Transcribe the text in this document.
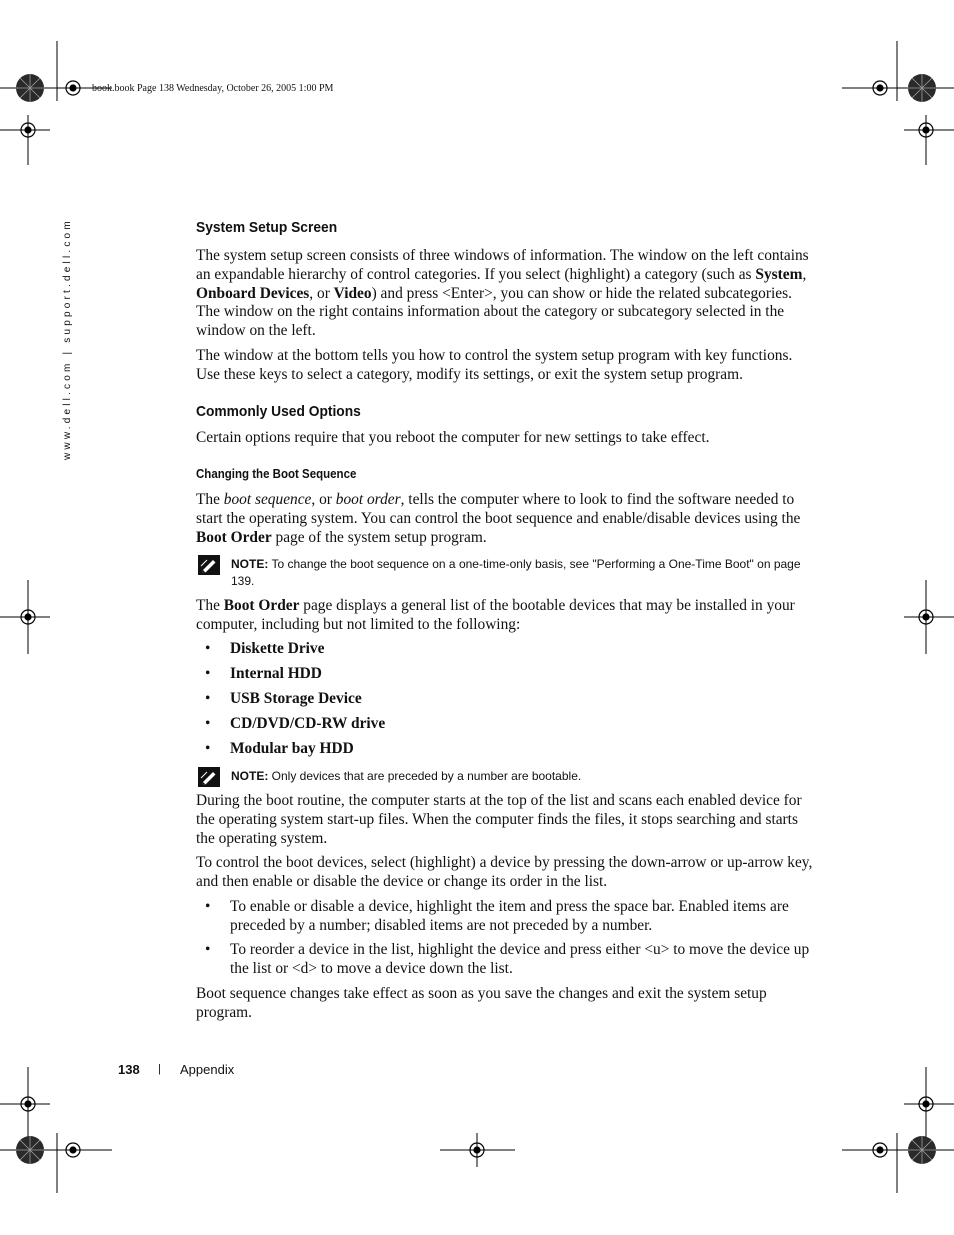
book.book Page 138 Wednesday, October 26, 2005 1:00 PM
www.dell.com | support.dell.com	System Setup Screen

The system setup screen consists of three windows of information. The window on the left contains an expandable hierarchy of control categories. If you select (highlight) a category (such as System, Onboard Devices, or Video) and press <Enter>, you can show or hide the related subcategories. The window on the right contains information about the category or subcategory selected in the window on the left.

The window at the bottom tells you how to control the system setup program with key functions. Use these keys to select a category, modify its settings, or exit the system setup program.

Commonly Used Options

Certain options require that you reboot the computer for new settings to take effect.

Changing the Boot Sequence

The boot sequence, or boot order, tells the computer where to look to find the software needed to start the operating system. You can control the boot sequence and enable/disable devices using the Boot Order page of the system setup program.

NOTE: To change the boot sequence on a one-time-only basis, see "Performing a One-Time Boot" on page 139.

The Boot Order page displays a general list of the bootable devices that may be installed in your computer, including but not limited to the following:

• Diskette Drive
• Internal HDD
• USB Storage Device
• CD/DVD/CD-RW drive
• Modular bay HDD
NOTE: Only devices that are preceded by a number are bootable.

During the boot routine, the computer starts at the top of the list and scans each enabled device for the operating system start-up files. When the computer finds the files, it stops searching and starts the operating system.

To control the boot devices, select (highlight) a device by pressing the down-arrow or up-arrow key, and then enable or disable the device or change its order in the list.

• To enable or disable a device, highlight the item and press the space bar. Enabled items are preceded by a number; disabled items are not preceded by a number.
• To reorder a device in the list, highlight the device and press either <u> to move the device up the list or <d> to move a device down the list.

Boot sequence changes take effect as soon as you save the changes and exit the system setup program.

138 | Appendix
